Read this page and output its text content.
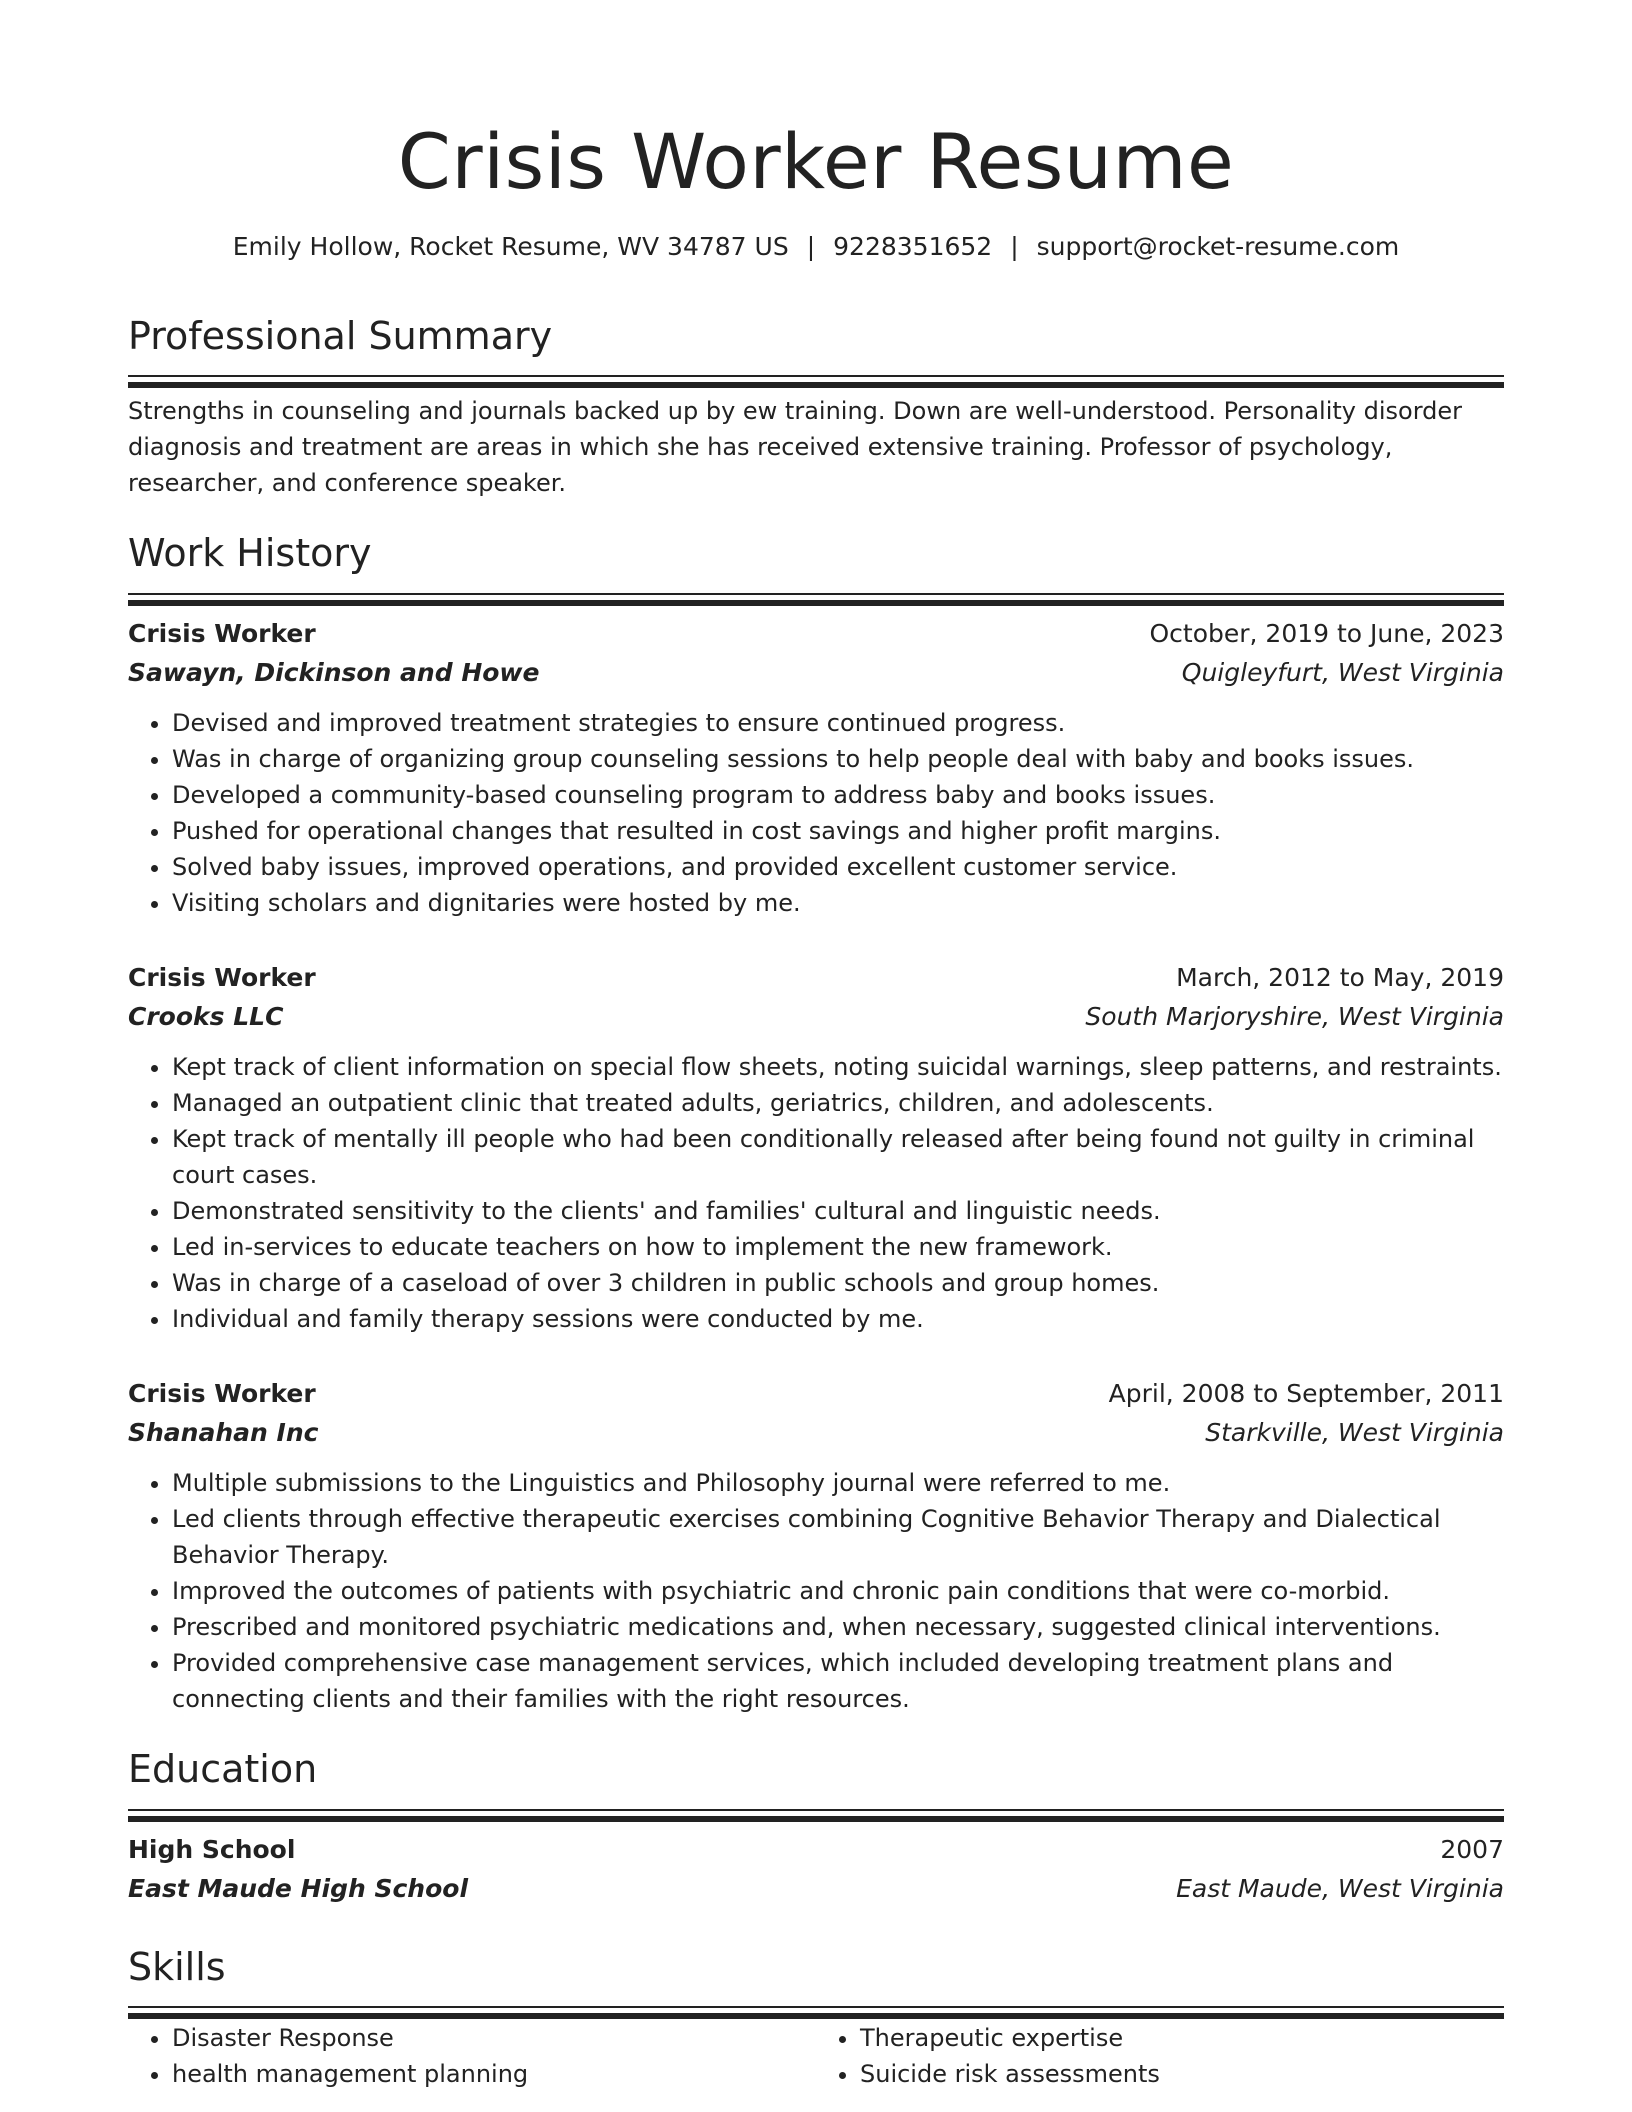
Crisis Worker Resume
Emily Hollow, Rocket Resume, WV 34787 US | 9228351652 | support@rocket-resume.com
Professional Summary

Strengths in counseling and journals backed up by ew training. Down are well-understood. Personality disorder diagnosis and treatment are areas in which she has received extensive training. Professor of psychology, researcher, and conference speaker.

Work History
Crisis Worker	October, 2019 to June, 2023
Sawayn, Dickinson and Howe	Quigleyfurt, West Virginia
• Devised and improved treatment strategies to ensure continued progress.
• Was in charge of organizing group counseling sessions to help people deal with baby and books issues.
• Developed a community-based counseling program to address baby and books issues.
• Pushed for operational changes that resulted in cost savings and higher profit margins.
• Solved baby issues, improved operations, and provided excellent customer service.
• Visiting scholars and dignitaries were hosted by me.
Crisis Worker	March, 2012 to May, 2019
Crooks LLC	South Marjoryshire, West Virginia
• Kept track of client information on special flow sheets, noting suicidal warnings, sleep patterns, and restraints.
• Managed an outpatient clinic that treated adults, geriatrics, children, and adolescents.
• Kept track of mentally ill people who had been conditionally released after being found not guilty in criminal court cases.
• Demonstrated sensitivity to the clients' and families' cultural and linguistic needs.
• Led in-services to educate teachers on how to implement the new framework.
• Was in charge of a caseload of over 3 children in public schools and group homes.
• Individual and family therapy sessions were conducted by me.
Crisis Worker	April, 2008 to September, 2011
Shanahan Inc	Starkville, West Virginia
• Multiple submissions to the Linguistics and Philosophy journal were referred to me.
• Led clients through effective therapeutic exercises combining Cognitive Behavior Therapy and Dialectical Behavior Therapy.
• Improved the outcomes of patients with psychiatric and chronic pain conditions that were co-morbid.
• Prescribed and monitored psychiatric medications and, when necessary, suggested clinical interventions.
• Provided comprehensive case management services, which included developing treatment plans and connecting clients and their families with the right resources.
Education
High School	2007
East Maude High School	East Maude, West Virginia
Skills
• Disaster Response
• health management planning
• Therapeutic expertise
• Suicide risk assessments
